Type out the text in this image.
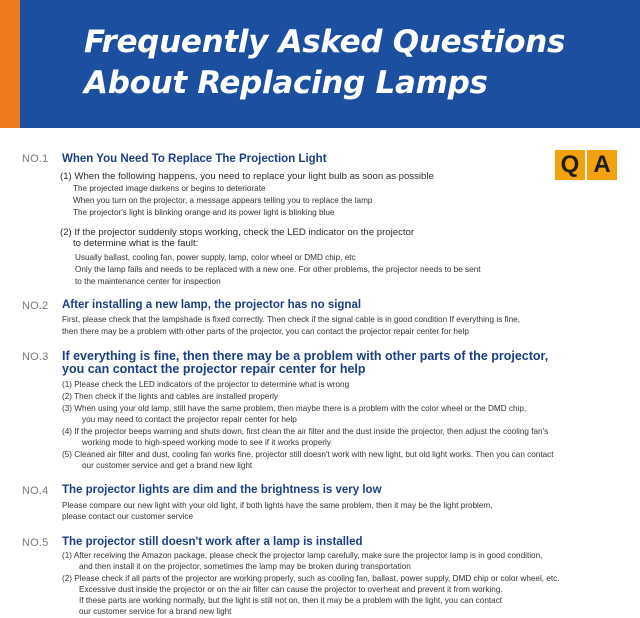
Frequently Asked Questions
About Replacing Lamps
Q A
NO.1 When You Need To Replace The Projection Light
(1) When the following happens, you need to replace your light bulb as soon as possible
The projected image darkens or begins to deteriorate
When you turn on the projector, a message appears telling you to replace the lamp
The projector's light is blinking orange and its power light is blinking blue
(2) If the projector suddenly stops working, check the LED indicator on the projector
to determine what is the fault:
Usually ballast, cooling fan, power supply, lamp, color wheel or DMD chip, etc
Only the lamp fails and needs to be replaced with a new one. For other problems, the projector needs to be sent
to the maintenance center for inspection
NO.2 After installing a new lamp, the projector has no signal
First, please check that the lampshade is fixed correctly. Then check if the signal cable is in good condition If everything is fine,
then there may be a problem with other parts of the projector, you can contact the projector repair center for help
NO.3 If everything is fine, then there may be a problem with other parts of the projector,
you can contact the projector repair center for help
(1) Please check the LED indicators of the projector to determine what is wrong
(2) Then check if the lights and cables are installed properly
(3) When using your old lamp, still have the same problem, then maybe there is a problem with the color wheel or the DMD chip,
you may need to contact the projector repair center for help
(4) If the projector beeps warning and shuts down, first clean the air filter and the dust inside the projector, then adjust the cooling fan's
working mode to high-speed working mode to see if it works properly
(5) Cleaned air filter and dust, cooling fan works fine, projector still doesn't work with new light, but old light works. Then you can contact
our customer service and get a brand new light
NO.4 The projector lights are dim and the brightness is very low
Please compare our new light with your old light, if both lights have the same problem, then it may be the light problem,
please contact our customer service
NO.5 The projector still doesn't work after a lamp is installed
(1) After receiving the Amazon package, please check the projector lamp carefully, make sure the projector lamp is in good condition,
and then install it on the projector, sometimes the lamp may be broken during transportation
(2) Please check if all parts of the projector are working properly, such as cooling fan, ballast, power supply, DMD chip or color wheel, etc.
Excessive dust inside the projector or on the air filter can cause the projector to overheat and prevent it from working.
If these parts are working normally, but the light is still not on, then it may be a problem with the light, you can contact
our customer service for a brand new light
